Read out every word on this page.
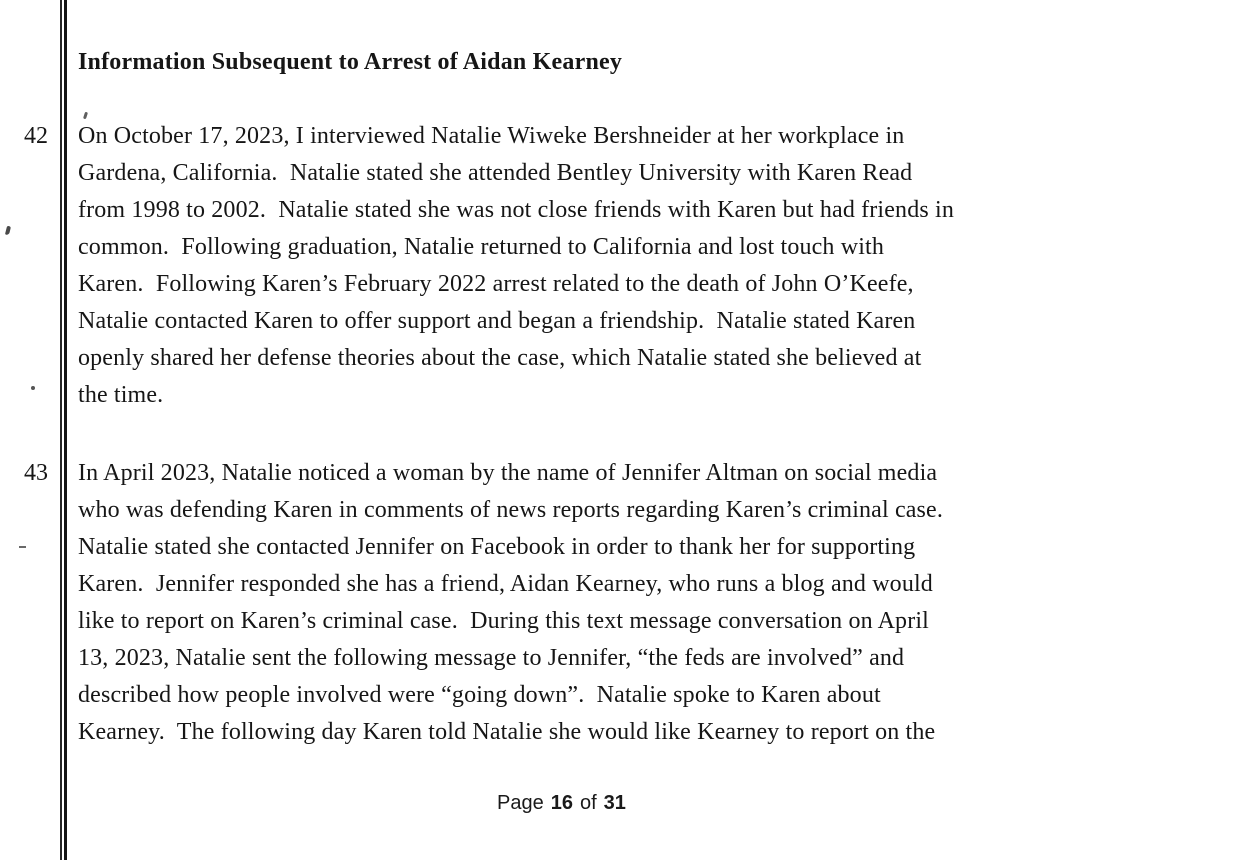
Information Subsequent to Arrest of Aidan Kearney
42	On October 17, 2023, I interviewed Natalie Wiweke Bershneider at her workplace in
Gardena, California.  Natalie stated she attended Bentley University with Karen Read
from 1998 to 2002.  Natalie stated she was not close friends with Karen but had friends in
common.  Following graduation, Natalie returned to California and lost touch with
Karen.  Following Karen’s February 2022 arrest related to the death of John O’Keefe,
Natalie contacted Karen to offer support and began a friendship.  Natalie stated Karen
openly shared her defense theories about the case, which Natalie stated she believed at
the time.
43	In April 2023, Natalie noticed a woman by the name of Jennifer Altman on social media
who was defending Karen in comments of news reports regarding Karen’s criminal case.
Natalie stated she contacted Jennifer on Facebook in order to thank her for supporting
Karen.  Jennifer responded she has a friend, Aidan Kearney, who runs a blog and would
like to report on Karen’s criminal case.  During this text message conversation on April
13, 2023, Natalie sent the following message to Jennifer, “the feds are involved” and
described how people involved were “going down”.  Natalie spoke to Karen about
Kearney.  The following day Karen told Natalie she would like Kearney to report on the
Page 16 of 31
